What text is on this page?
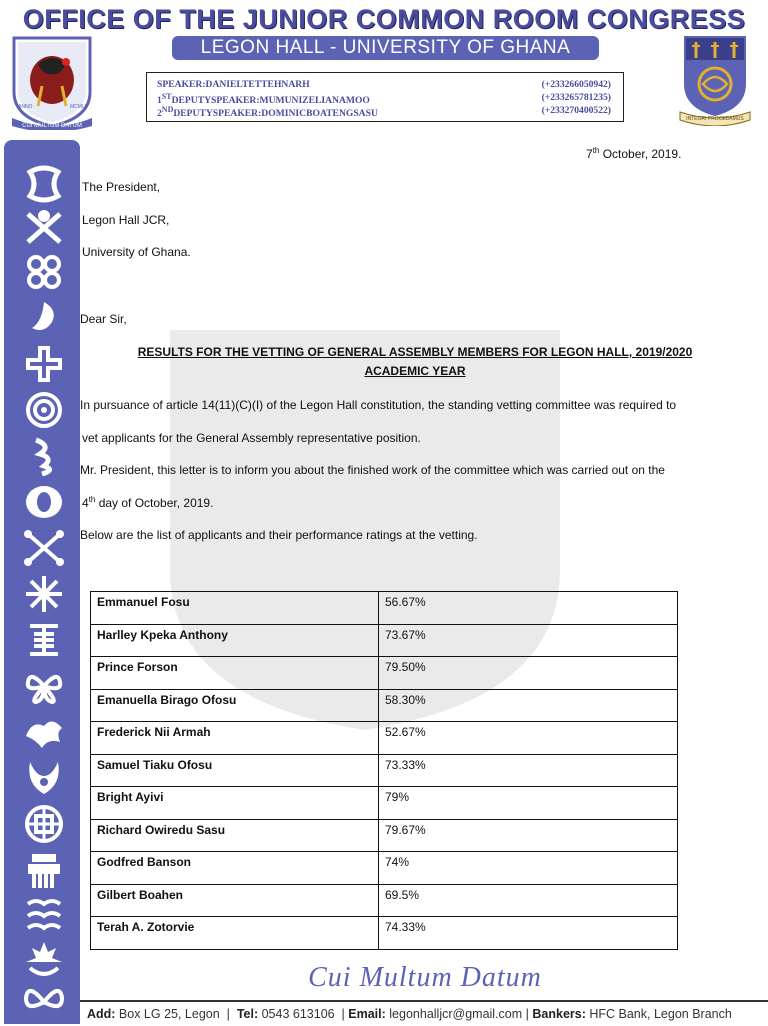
OFFICE OF THE JUNIOR COMMON ROOM CONGRESS
LEGON HALL - UNIVERSITY OF GHANA
CUI MULTUM DATUM
ANNO	MCMLII
SPEAKER:DANIELTETTEHNARH	(+233266050942)
1STDEPUTYSPEAKER:MUMUNIZELIANAMOO	(+233265781235)
2NDDEPUTYSPEAKER:DOMINICBOATENGSASU	(+233270400522)
INTEGRI PROCEDAMUS
7th October, 2019.
The President,
Legon Hall JCR,
University of Ghana.
Dear Sir,
RESULTS FOR THE VETTING OF GENERAL ASSEMBLY MEMBERS FOR LEGON HALL, 2019/2020 ACADEMIC YEAR
In pursuance of article 14(11)(C)(I) of the Legon Hall constitution, the standing vetting committee was required to
vet applicants for the General Assembly representative position.
Mr. President, this letter is to inform you about the finished work of the committee which was carried out on the
4th day of October, 2019.
Below are the list of applicants and their performance ratings at the vetting.
Emmanuel Fosu	56.67%
Harlley Kpeka Anthony	73.67%
Prince Forson	79.50%
Emanuella Birago Ofosu	58.30%
Frederick Nii Armah	52.67%
Samuel Tiaku Ofosu	73.33%
Bright Ayivi	79%
Richard Owiredu Sasu	79.67%
Godfred Banson	74%
Gilbert Boahen	69.5%
Terah A. Zotorvie	74.33%
Cui Multum Datum
Add: Box LG 25, Legon  |  Tel: 0543 613106  | Email: legonhalljcr@gmail.com | Bankers: HFC Bank, Legon Branch
